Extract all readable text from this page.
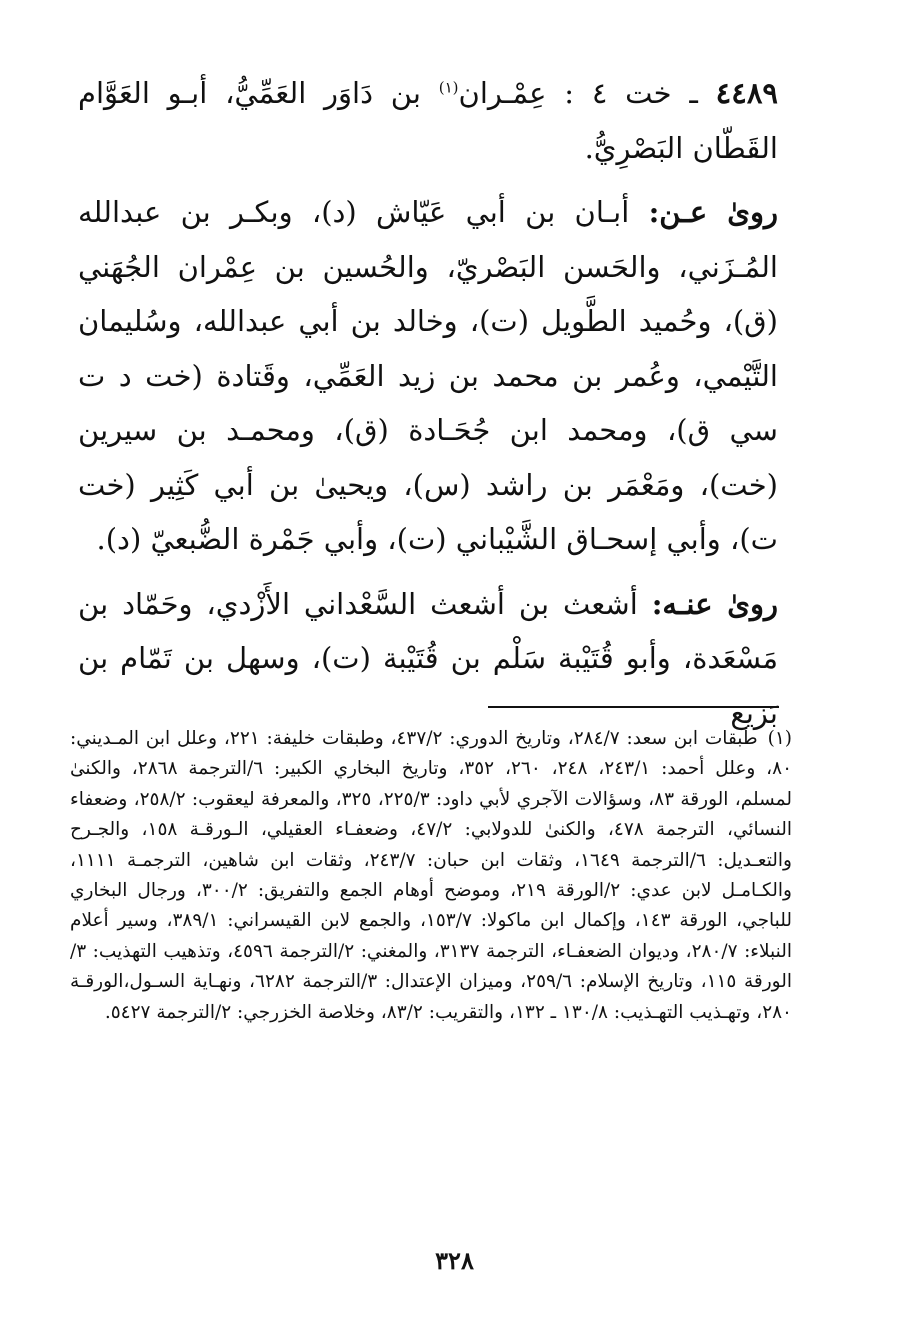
٤٤٨٩ ـ خت ٤ : عِمْـران$^{(١)}$ بن دَاوَر العَمِّيُّ، أبـو العَوَّام القَطّان البَصْرِيُّ.

روىٰ عـن: أبـان بن أبي عَيّاش (د)، وبكـر بن عبدالله المُـزَني، والحَسن البَصْريّ، والحُسين بن عِمْران الجُهَني (ق)، وحُميد الطَّويل (ت)، وخالد بن أبي عبدالله، وسُليمان التَّيْمي، وعُمر بن محمد بن زيد العَمِّي، وقَتادة (خت د ت سي ق)، ومحمد ابن جُحَـادة (ق)، ومحمـد بن سيرين (خت)، ومَعْمَر بن راشد (س)، ويحيىٰ بن أبي كَثِير (خت ت)، وأبي إسحـاق الشَّيْباني (ت)، وأبي جَمْرة الضُّبعيّ (د).

روىٰ عنـه: أشعث بن أشعث السَّعْداني الأَزْدي، وحَمّاد بن مَسْعَدة، وأبو قُتَيْبة سَلْم بن قُتَيْبة (ت)، وسهل بن تَمّام بن بَزيع

(١)طبقات ابن سعد: ٢٨٤/٧، وتاريخ الدوري: ٤٣٧/٢، وطبقات خليفة: ٢٢١، وعلل ابن المـديني: ٨٠، وعلل أحمد: ٢٤٣/١، ٢٤٨، ٢٦٠، ٣٥٢، وتاريخ البخاري الكبير: ٦/الترجمة ٢٨٦٨، والكنىٰ لمسلم، الورقة ٨٣، وسؤالات الآجري لأبي داود: ٢٢٥/٣، ٣٢٥، والمعرفة ليعقوب: ٢٥٨/٢، وضعفاء النسائي، الترجمة ٤٧٨، والكنىٰ للدولابي: ٤٧/٢، وضعفـاء العقيلي، الـورقـة ١٥٨، والجـرح والتعـديل: ٦/الترجمة ١٦٤٩، وثقات ابن حبان: ٢٤٣/٧، وثقات ابن شاهين، الترجمـة ١١١١، والكـامـل لابن عدي: ٢/الورقة ٢١٩، وموضح أوهام الجمع والتفريق: ٣٠٠/٢، ورجال البخاري للباجي، الورقة ١٤٣، وإكمال ابن ماكولا: ١٥٣/٧، والجمع لابن القيسراني: ٣٨٩/١، وسير أعلام النبلاء: ٢٨٠/٧، وديوان الضعفـاء، الترجمة ٣١٣٧، والمغني: ٢/الترجمة ٤٥٩٦، وتذهيب التهذيب: ٣/الورقة ١١٥، وتاريخ الإسلام: ٢٥٩/٦، وميزان الإعتدال: ٣/الترجمة ٦٢٨٢، ونهـاية السـول،الورقـة ٢٨٠، وتهـذيب التهـذيب: ١٣٠/٨ ـ ١٣٢، والتقريب: ٨٣/٢، وخلاصة الخزرجي: ٢/الترجمة ٥٤٢٧.

٣٢٨
